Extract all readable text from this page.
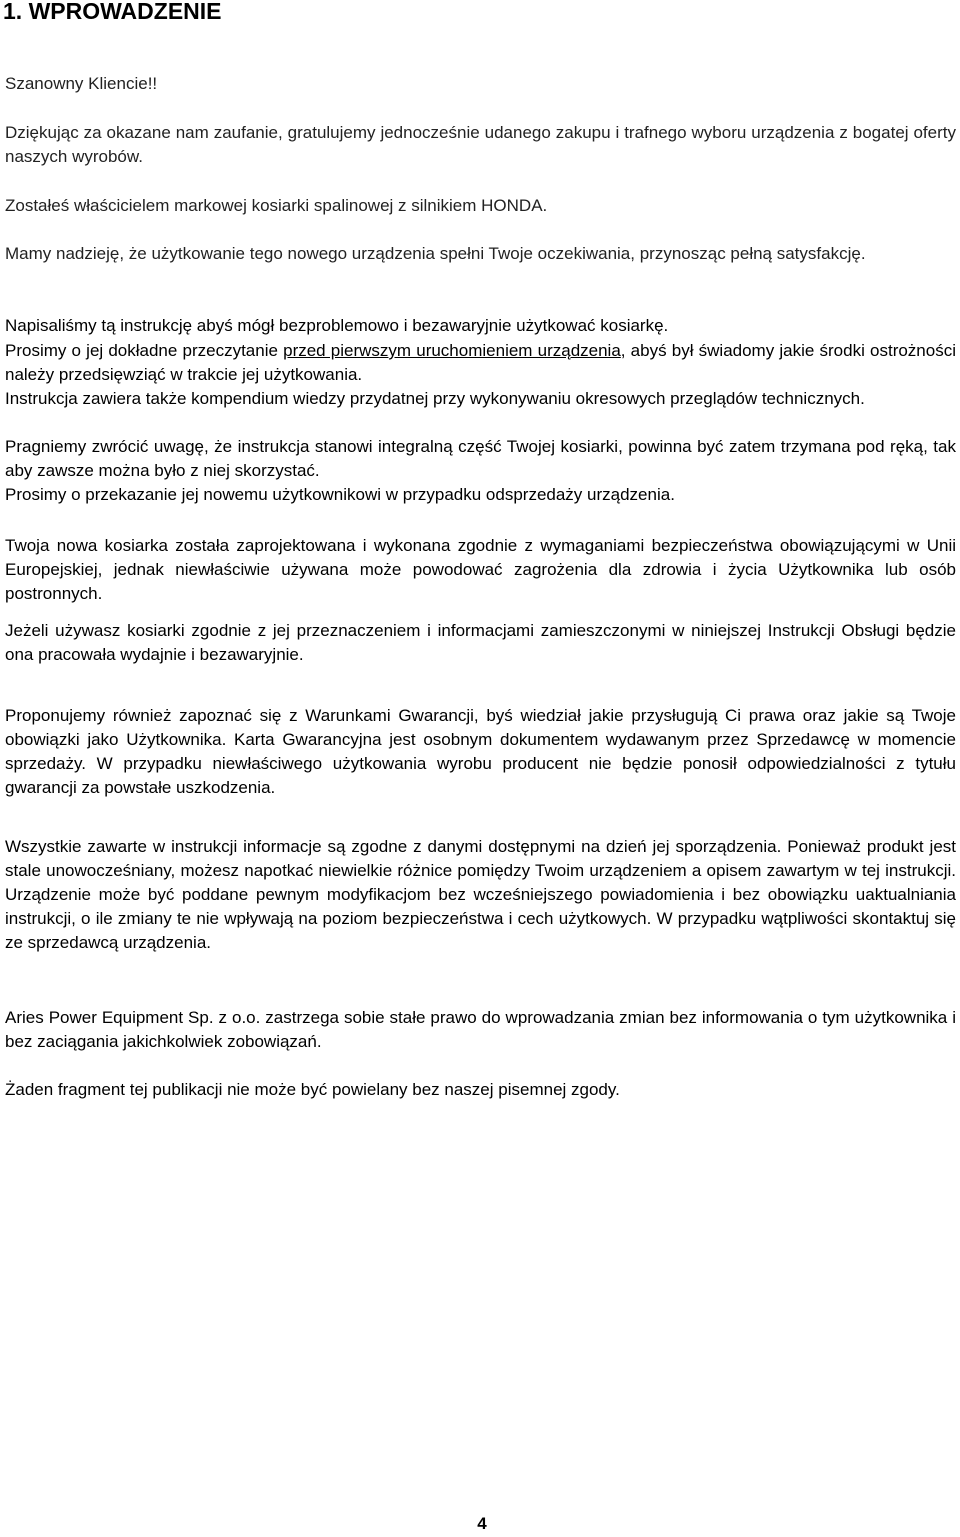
1. WPROWADZENIE

Szanowny Kliencie!!

Dziękując za okazane nam zaufanie, gratulujemy jednocześnie udanego zakupu i trafnego wyboru urządzenia z bogatej oferty naszych wyrobów.

Zostałeś właścicielem markowej kosiarki spalinowej z silnikiem HONDA.

Mamy nadzieję, że użytkowanie tego nowego urządzenia spełni Twoje oczekiwania, przynosząc pełną satysfakcję.

Napisaliśmy tą instrukcję abyś mógł bezproblemowo i bezawaryjnie użytkować kosiarkę.

Prosimy o jej dokładne przeczytanie przed pierwszym uruchomieniem urządzenia, abyś był świadomy jakie środki ostrożności należy przedsięwziąć w trakcie jej użytkowania.

Instrukcja zawiera także kompendium wiedzy przydatnej przy wykonywaniu okresowych przeglądów technicznych.

Pragniemy zwrócić uwagę, że instrukcja stanowi integralną część Twojej kosiarki, powinna być zatem trzymana pod ręką, tak aby zawsze można było z niej skorzystać.

Prosimy o przekazanie jej nowemu użytkownikowi w przypadku odsprzedaży urządzenia.

Twoja nowa kosiarka została zaprojektowana i wykonana zgodnie z wymaganiami bezpieczeństwa obowiązującymi w Unii Europejskiej, jednak niewłaściwie używana może powodować zagrożenia dla zdrowia i życia Użytkownika lub osób postronnych.

Jeżeli używasz kosiarki zgodnie z jej przeznaczeniem i informacjami zamieszczonymi w niniejszej Instrukcji Obsługi będzie ona pracowała wydajnie i bezawaryjnie.

Proponujemy również zapoznać się z Warunkami Gwarancji, byś wiedział jakie przysługują Ci prawa oraz jakie są Twoje obowiązki jako Użytkownika. Karta Gwarancyjna jest osobnym dokumentem wydawanym przez Sprzedawcę w momencie sprzedaży. W przypadku niewłaściwego użytkowania wyrobu producent nie będzie ponosił odpowiedzialności z tytułu gwarancji za powstałe uszkodzenia.

Wszystkie zawarte w instrukcji informacje są zgodne z danymi dostępnymi na dzień jej sporządzenia. Ponieważ produkt jest stale unowocześniany, możesz napotkać niewielkie różnice pomiędzy Twoim urządzeniem a opisem zawartym w tej instrukcji. Urządzenie może być poddane pewnym modyfikacjom bez wcześniejszego powiadomienia i bez obowiązku uaktualniania instrukcji, o ile zmiany te nie wpływają na poziom bezpieczeństwa i cech użytkowych. W przypadku wątpliwości skontaktuj się ze sprzedawcą urządzenia.

Aries Power Equipment Sp. z o.o. zastrzega sobie stałe prawo do wprowadzania zmian bez informowania o tym użytkownika i bez zaciągania jakichkolwiek zobowiązań.

Żaden fragment tej publikacji nie może być powielany bez naszej pisemnej zgody.

4
